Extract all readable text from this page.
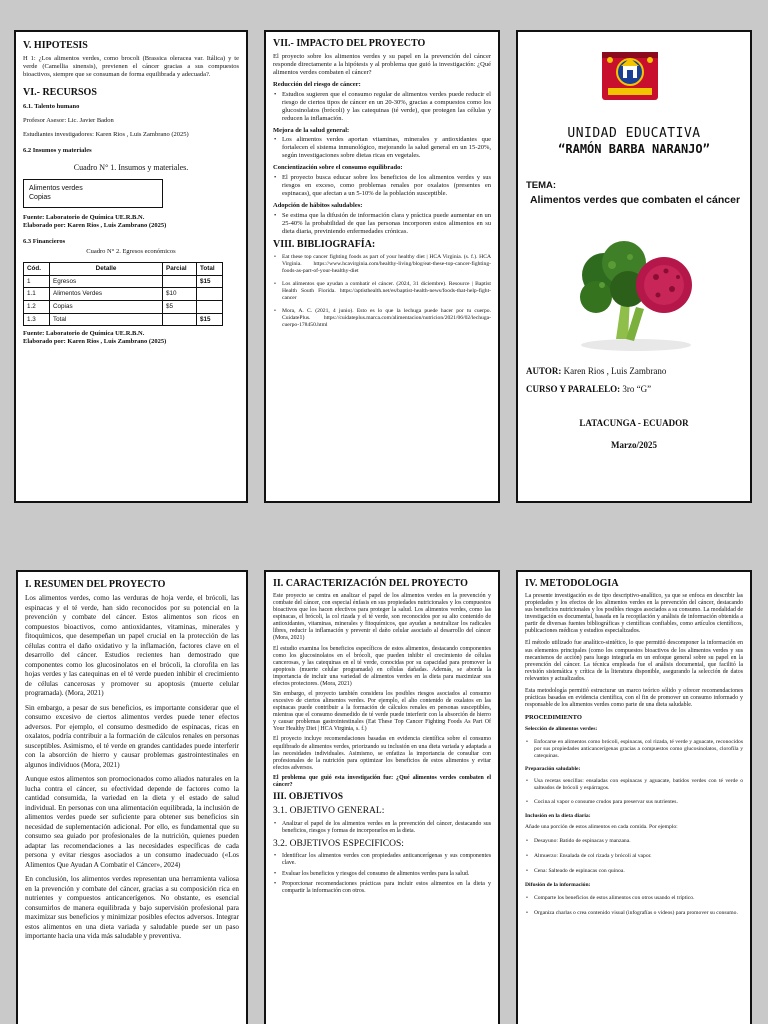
V. HIPOTESIS
H 1: ¿Los alimentos verdes, como brocoli (Brassica oleracea var. Itálica) y te verde (Camellia sinensis), previenen el cáncer gracias a sus compuestos bioactivos, siempre que se consuman de forma equilibrada y adecuada?.
VI.- RECURSOS
6.1. Talento humano
Profesor Asesor: Lic. Javier Badon
Estudiantes investigadores: Karen Rios , Luis Zambrano (2025)
6.2 Insumos y materiales
Cuadro N° 1. Insumos y materiales.
Alimentos verdes
Copias
Fuente: Laboratorio de Química UE.R.B.N.
Elaborado por: Karen Rios , Luis Zambrano (2025)
6.3 Financieros
Cuadro N° 2. Egresos económicos
Cód.	Detalle	Parcial	Total
1	Egresos		$15
1.1	Alimentos Verdes	$10	
1.2	Copias	$5	
1.3	Total		$15
Fuente: Laboratorio de Química UE.R.B.N.
Elaborado por: Karen Rios , Luis Zambrano (2025)
VII.- IMPACTO DEL PROYECTO
El proyecto sobre los alimentos verdes y su papel en la prevención del cáncer responde directamente a la hipótesis y al problema que guió la investigación: ¿Qué alimentos verdes combaten el cáncer?
Reducción del riesgo de cáncer:
• Estudios sugieren que el consumo regular de alimentos verdes puede reducir el riesgo de ciertos tipos de cáncer en un 20-30%, gracias a compuestos como los glucosinolatos (brócoli) y las catequinas (té verde), que protegen las células y reducen la inflamación.
Mejora de la salud general:
• Los alimentos verdes aportan vitaminas, minerales y antioxidantes que fortalecen el sistema inmunológico, mejorando la salud general en un 15-20%, según investigaciones sobre dietas ricas en vegetales.
Concientización sobre el consumo equilibrado:
• El proyecto busca educar sobre los beneficios de los alimentos verdes y sus riesgos en exceso, como problemas renales por oxalatos (presentes en espinacas), que afectan a un 5-10% de la población susceptible.
Adopción de hábitos saludables:
• Se estima que la difusión de información clara y práctica puede aumentar en un 25-40% la probabilidad de que las personas incorporen estos alimentos en su dieta diaria, previniendo enfermedades crónicas.
VIII. BIBLIOGRAFÍA:
• Eat these top cancer fighting foods as part of your healthy diet | HCA Virginia. (s. f.). HCA Virginia. https://www.hcavirginia.com/healthy-living/blog/eat-these-top-cancer-fighting-foods-as-part-of-your-healthy-diet
• Los alimentos que ayudan a combatir el cáncer. (2024, 31 diciembre). Resource | Baptist Health South Florida. https://aptisthealth.net/es/baptist-health-news/foods-that-help-fight-cancer
• Mora, A. C. (2021, 4 junio). Esto es lo que la lechuga puede hacer por tu cuerpo. CuidatePlus. https://cuidateplus.marca.com/alimentacion/nutricion/2021/06/02/lechuga-cuerpo-178450.html
UNIDAD EDUCATIVA
“RAMÓN BARBA NARANJO”
TEMA:
Alimentos verdes que combaten el cáncer
AUTOR: Karen Rios , Luis Zambrano
CURSO Y PARALELO: 3ro “G”
LATACUNGA - ECUADOR
Marzo/2025
I. RESUMEN DEL PROYECTO
Los alimentos verdes, como las verduras de hoja verde, el brócoli, las espinacas y el té verde, han sido reconocidos por su potencial en la prevención y combate del cáncer. Estos alimentos son ricos en compuestos bioactivos, como antioxidantes, vitaminas, minerales y fitoquímicos, que desempeñan un papel crucial en la protección de las células contra el daño oxidativo y la inflamación, factores clave en el desarrollo del cáncer. Estudios recientes han demostrado que componentes como los glucosinolatos en el brócoli, la clorofila en las hojas verdes y las catequinas en el té verde pueden inhibir el crecimiento de células cancerosas y promover su apoptosis (muerte celular programada). (Mora, 2021)
Sin embargo, a pesar de sus beneficios, es importante considerar que el consumo excesivo de ciertos alimentos verdes puede tener efectos adversos. Por ejemplo, el consumo desmedido de espinacas, ricas en oxalatos, podría contribuir a la formación de cálculos renales en personas susceptibles. Asimismo, el té verde en grandes cantidades puede interferir con la absorción de hierro y causar problemas gastrointestinales en algunos individuos (Mora, 2021)
Aunque estos alimentos son promocionados como aliados naturales en la lucha contra el cáncer, su efectividad depende de factores como la cantidad consumida, la variedad en la dieta y el estado de salud individual. En personas con una alimentación equilibrada, la inclusión de alimentos verdes puede ser suficiente para obtener sus beneficios sin necesidad de suplementación adicional. Por ello, es fundamental que su consumo sea guiado por profesionales de la nutrición, quienes pueden adaptar las recomendaciones a las necesidades específicas de cada persona y evitar riesgos asociados a un consumo inadecuado («Los Alimentos Que Ayudan A Combatir el Cáncer», 2024)
En conclusión, los alimentos verdes representan una herramienta valiosa en la prevención y combate del cáncer, gracias a su composición rica en nutrientes y compuestos anticancerígenos. No obstante, es esencial consumirlos de manera equilibrada y bajo supervisión profesional para maximizar sus beneficios y minimizar posibles efectos adversos. Integrar estos alimentos en una dieta variada y saludable puede ser un paso importante hacia una vida más saludable y preventiva.
II. CARACTERIZACIÓN DEL PROYECTO
Este proyecto se centra en analizar el papel de los alimentos verdes en la prevención y combate del cáncer, con especial énfasis en sus propiedades nutricionales y los compuestos bioactivos que los hacen efectivos para proteger la salud. Los alimentos verdes, como las espinacas, el brócoli, la col rizada y el té verde, son reconocidos por su alto contenido de antioxidantes, vitaminas, minerales y fitoquímicos, que ayudan a neutralizar los radicales libres, reducir la inflamación y prevenir el daño celular asociado al desarrollo del cáncer (Mora, 2021)
El estudio examina los beneficios específicos de estos alimentos, destacando componentes como los glucosinolatos en el brócoli, que pueden inhibir el crecimiento de células cancerosas, y las catequinas en el té verde, conocidas por su capacidad para promover la apoptosis (muerte celular programada) en células dañadas. Además, se aborda la importancia de incluir una variedad de alimentos verdes en la dieta para maximizar sus efectos protectores. (Mora, 2021)
Sin embargo, el proyecto también considera los posibles riesgos asociados al consumo excesivo de ciertos alimentos verdes. Por ejemplo, el alto contenido de oxalatos en las espinacas puede contribuir a la formación de cálculos renales en personas susceptibles, mientras que el consumo desmedido de té verde puede interferir con la absorción de hierro y causar problemas gastrointestinales (Eat These Top Cancer Fighting Foods As Part Of Your Healthy Diet | HCA Virginia, s. f.)
El proyecto incluye recomendaciones basadas en evidencia científica sobre el consumo equilibrado de alimentos verdes, priorizando su inclusión en una dieta variada y adaptada a las necesidades individuales. Asimismo, se enfatiza la importancia de consultar con profesionales de la nutrición para optimizar los beneficios de estos alimentos y evitar efectos adversos.
El problema que guió esta investigación fue: ¿Qué alimentos verdes combaten el cáncer?
III. OBJETIVOS
3.1. OBJETIVO GENERAL:
• Analizar el papel de los alimentos verdes en la prevención del cáncer, destacando sus beneficios, riesgos y formas de incorporarlos en la dieta.
3.2. OBJETIVOS ESPECIFICOS:
• Identificar los alimentos verdes con propiedades anticancerígenas y sus componentes clave.
• Evaluar los beneficios y riesgos del consumo de alimentos verdes para la salud.
• Proporcionar recomendaciones prácticas para incluir estos alimentos en la dieta y compartir la información con otros.
IV. METODOLOGIA
La presente investigación es de tipo descriptivo-analítico, ya que se enfoca en describir las propiedades y los efectos de los alimentos verdes en la prevención del cáncer, destacando sus beneficios nutricionales y los posibles riesgos asociados a su consumo. La modalidad de investigación es documental, basada en la recopilación y análisis de información obtenida a partir de diversas fuentes bibliográficas y científicas confiables, como artículos científicos, publicaciones médicas y estudios especializados.
El método utilizado fue analítico-sintético, lo que permitió descomponer la información en sus elementos principales (como los compuestos bioactivos de los alimentos verdes y sus mecanismos de acción) para luego integrarla en un enfoque general sobre su papel en la prevención del cáncer. La técnica empleada fue el análisis documental, que facilitó la revisión sistemática y crítica de la literatura disponible, asegurando la selección de datos relevantes y actualizados.
Esta metodología permitió estructurar un marco teórico sólido y ofrecer recomendaciones prácticas basadas en evidencia científica, con el fin de promover un consumo informado y responsable de los alimentos verdes como parte de una dieta saludable.
PROCEDIMIENTO
Selección de alimentos verdes:
• Enfocarse en alimentos como brócoli, espinacas, col rizada, té verde y aguacate, reconocidos por sus propiedades anticancerígenas gracias a compuestos como glucosinolatos, clorofila y catequinas.
Preparación saludable:
• Usa recetas sencillas: ensaladas con espinacas y aguacate, batidos verdes con té verde o salteados de brócoli y espárragos.
• Cocina al vapor o consume crudos para preservar sus nutrientes.
Inclusión en la dieta diaria:
Añade una porción de estos alimentos en cada comida. Por ejemplo:
• Desayuno: Batido de espinacas y manzana.
• Almuerzo: Ensalada de col rizada y brócoli al vapor.
• Cena: Salteado de espinacas con quinoa.
Difusión de la información:
• Comparte los beneficios de estos alimentos con otros usando el tríptico.
• Organiza charlas o crea contenido visual (infografías o videos) para promover su consumo.
